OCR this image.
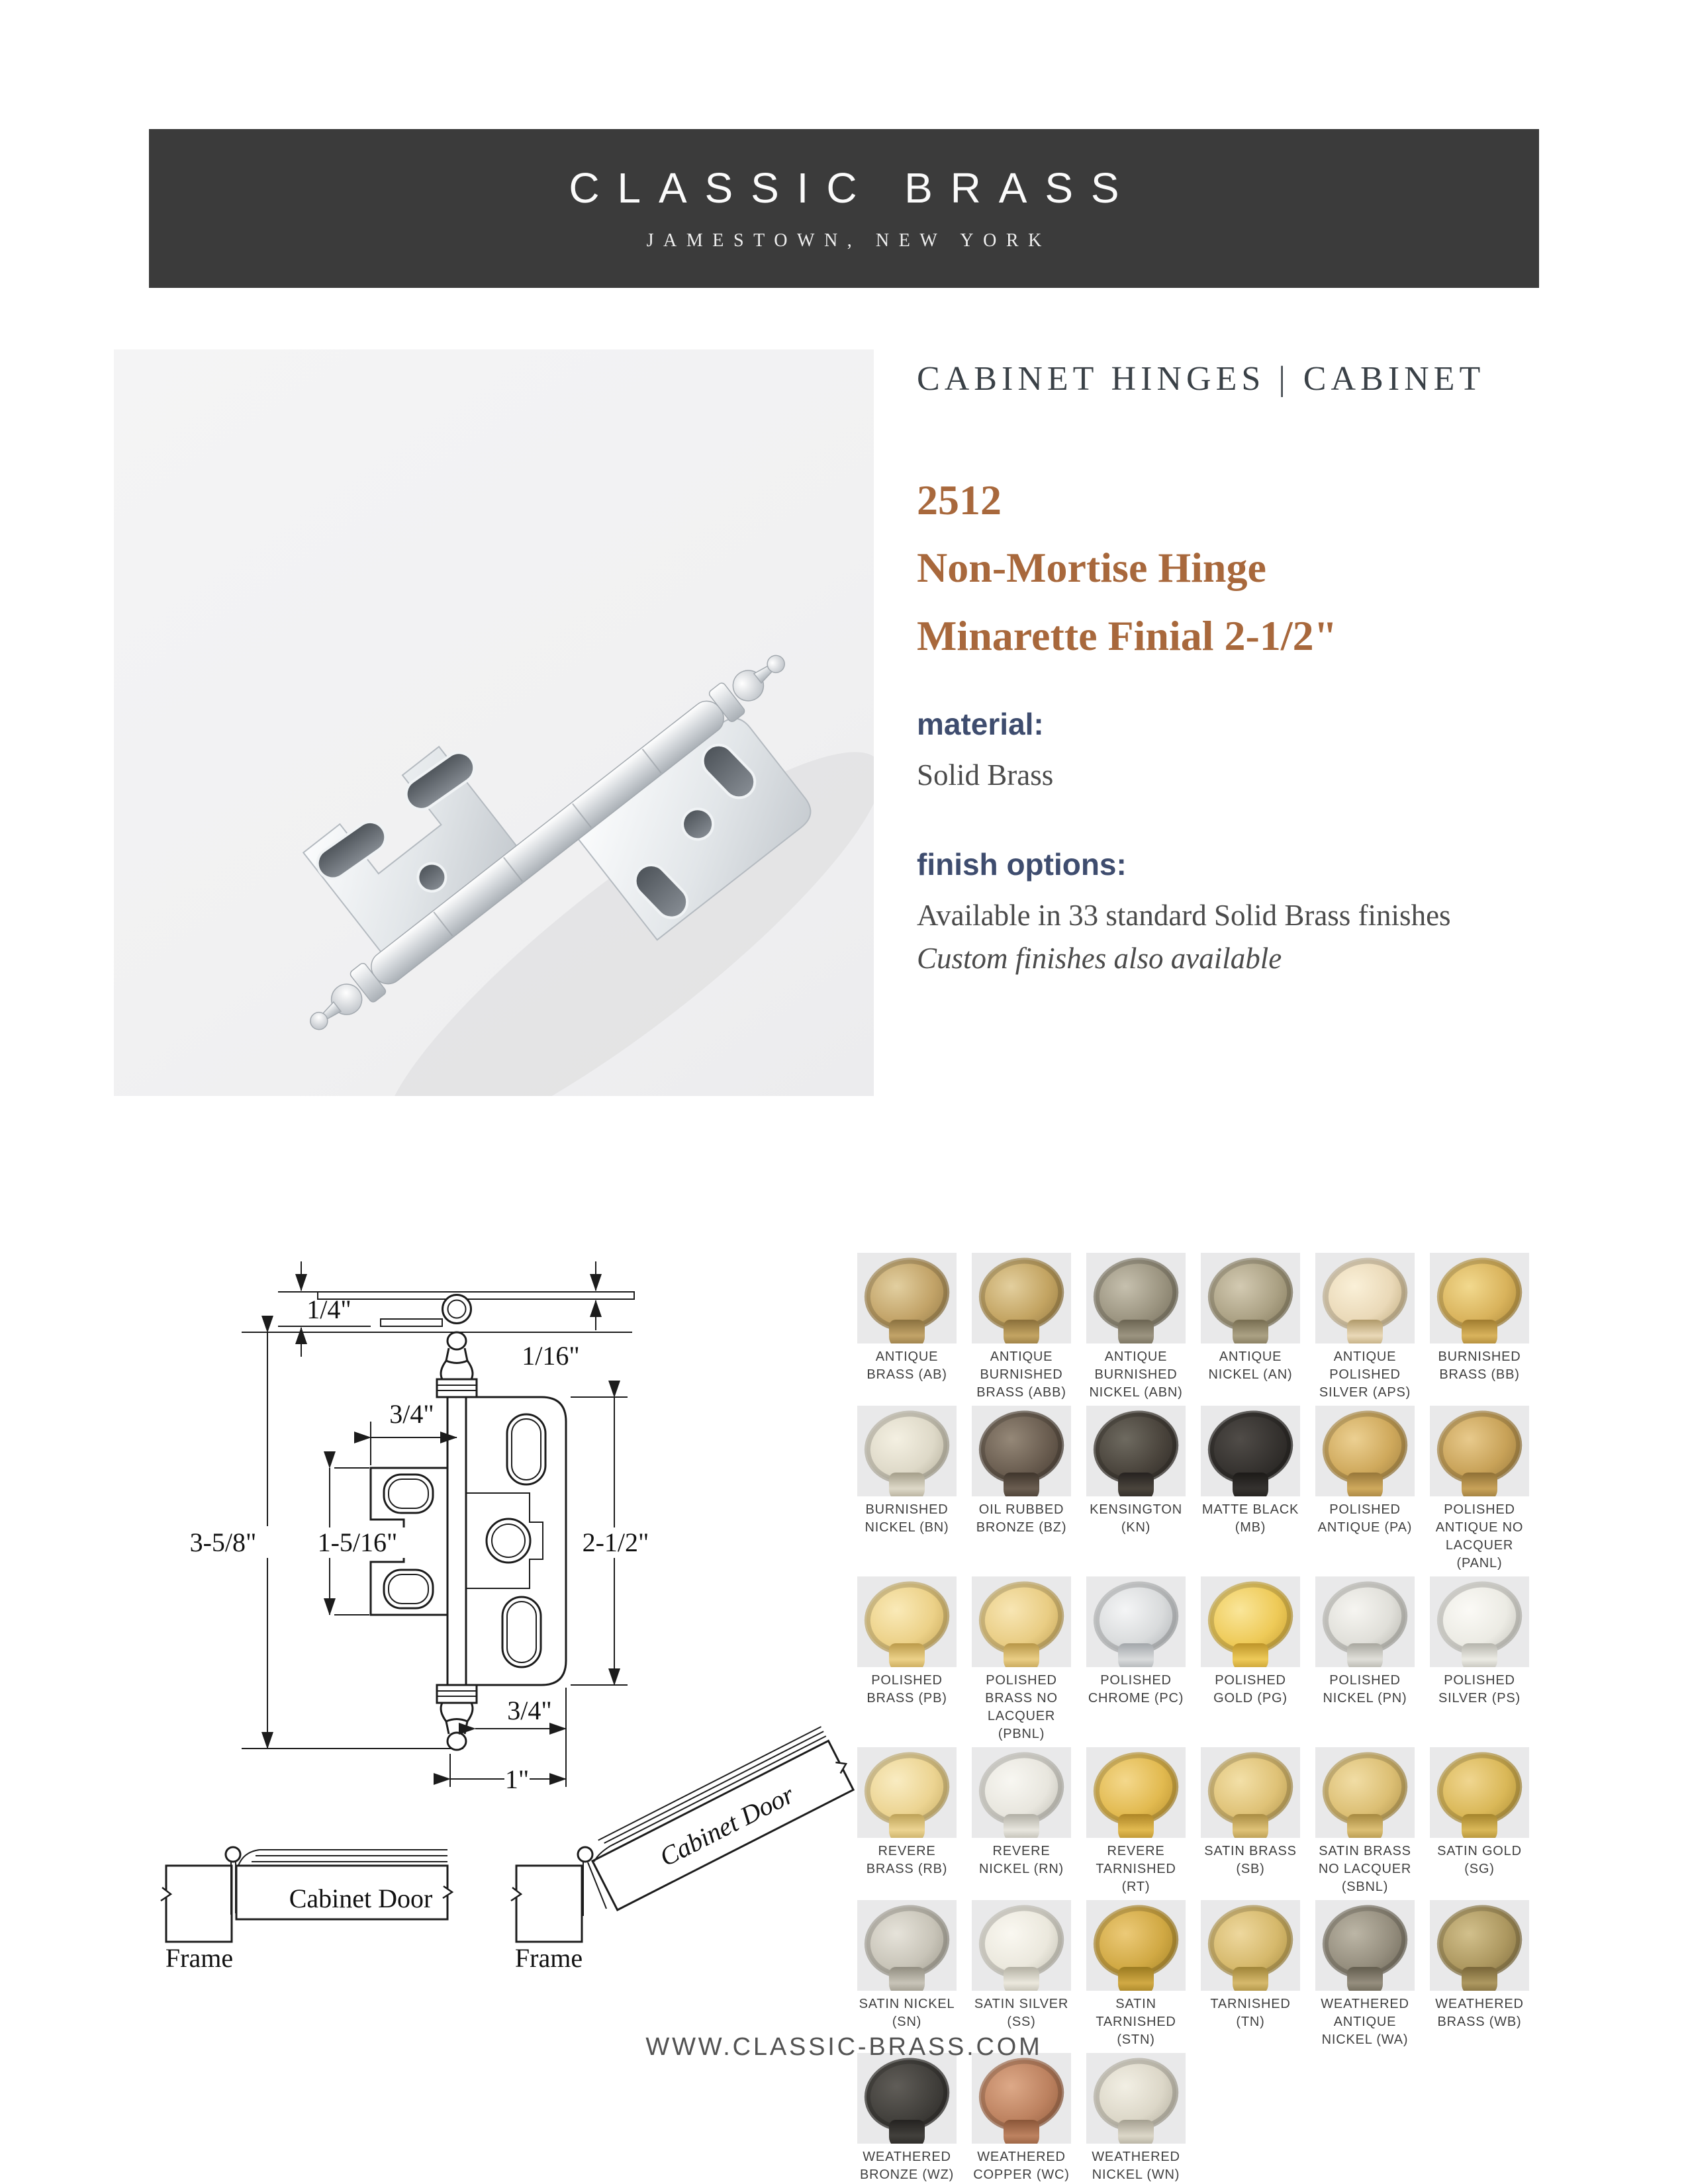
CLASSIC BRASS
JAMESTOWN, NEW YORK
CABINET HINGES | CABINET
2512
Non-Mortise Hinge
Minarette Finial 2-1/2"
material:

Solid Brass

finish options:

Available in 33 standard Solid Brass finishes

Custom finishes also available

1/4"
1/16"
3-5/8"
3/4"
1-5/16"	2-1/2"
3/4"
1"
Cabinet Door
Frame
Cabinet Door
Frame
ANTIQUE BRASS (AB)
ANTIQUE BURNISHED BRASS (ABB)
ANTIQUE BURNISHED NICKEL (ABN)
ANTIQUE NICKEL (AN)
ANTIQUE POLISHED SILVER (APS)
BURNISHED BRASS (BB)
BURNISHED NICKEL (BN)
OIL RUBBED BRONZE (BZ)
KENSINGTON (KN)
MATTE BLACK (MB)
POLISHED ANTIQUE (PA)
POLISHED ANTIQUE NO LACQUER (PANL)
POLISHED BRASS (PB)
POLISHED BRASS NO LACQUER (PBNL)
POLISHED CHROME (PC)
POLISHED GOLD (PG)
POLISHED NICKEL (PN)
POLISHED SILVER (PS)
REVERE BRASS (RB)
REVERE NICKEL (RN)
REVERE TARNISHED (RT)
SATIN BRASS (SB)
SATIN BRASS NO LACQUER (SBNL)
SATIN GOLD (SG)
SATIN NICKEL (SN)
SATIN SILVER (SS)
SATIN TARNISHED (STN)
TARNISHED (TN)
WEATHERED ANTIQUE NICKEL (WA)
WEATHERED BRASS (WB)
WEATHERED BRONZE (WZ)
WEATHERED COPPER (WC)
WEATHERED NICKEL (WN)
WWW.CLASSIC-BRASS.COM
